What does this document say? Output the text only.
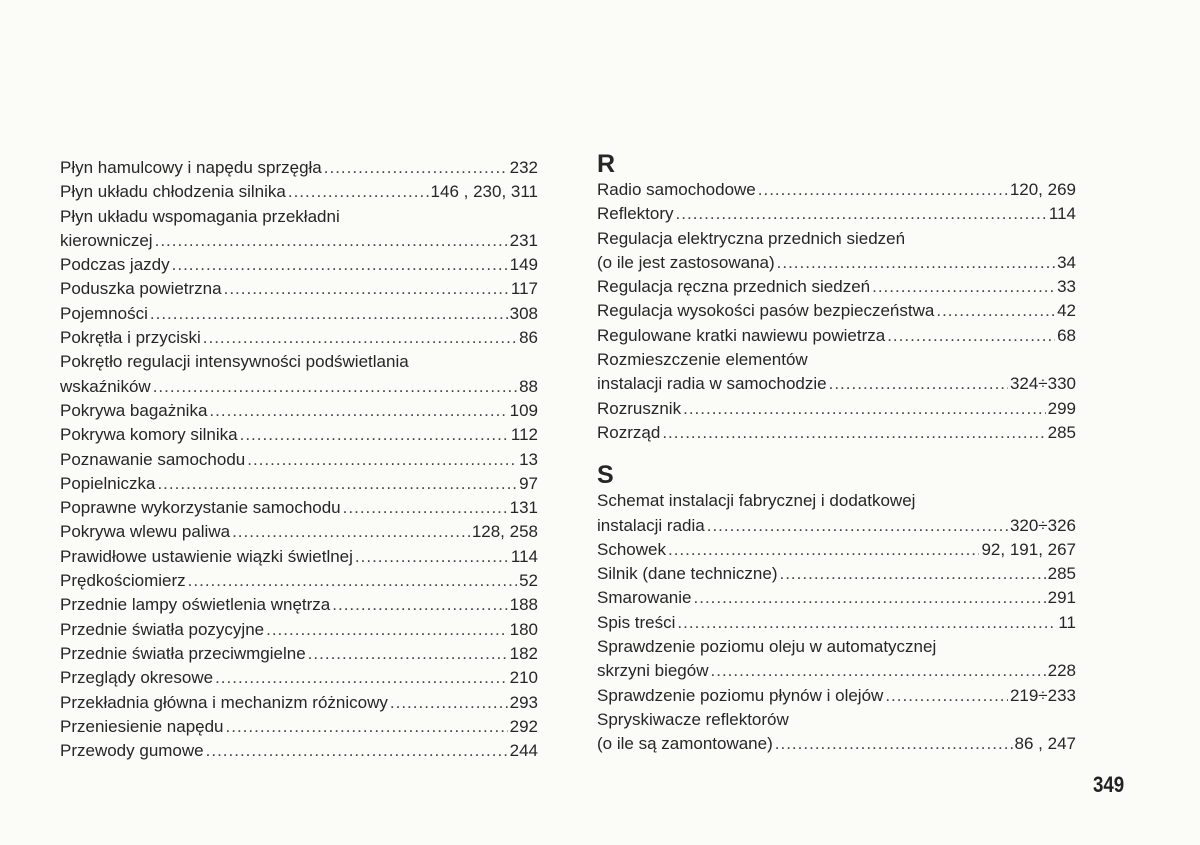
Płyn hamulcowy i napędu sprzęgła .....	232
Płyn układu chłodzenia silnika .....	146 , 230, 311
Płyn układu wspomagania przekładni
kierowniczej .....	231
Podczas jazdy .....	149
Poduszka powietrzna .....	117
Pojemności .....	308
Pokrętła i przyciski .....	86
Pokrętło regulacji intensywności podświetlania
wskaźników .....	88
Pokrywa bagażnika .....	109
Pokrywa komory silnika .....	112
Poznawanie samochodu .....	13
Popielniczka .....	97
Poprawne wykorzystanie samochodu .....	131
Pokrywa wlewu paliwa .....	128, 258
Prawidłowe ustawienie wiązki świetlnej .....	114
Prędkościomierz .....	52
Przednie lampy oświetlenia wnętrza .....	188
Przednie światła pozycyjne .....	180
Przednie światła przeciwmgielne .....	182
Przeglądy okresowe .....	210
Przekładnia główna i mechanizm różnicowy .....	293
Przeniesienie napędu .....	292
Przewody gumowe .....	244
R
Radio samochodowe .....	120, 269
Reflektory .....	114
Regulacja elektryczna przednich siedzeń
(o ile jest zastosowana) .....	34
Regulacja ręczna przednich siedzeń .....	33
Regulacja wysokości pasów bezpieczeństwa .....	42
Regulowane kratki nawiewu powietrza .....	68
Rozmieszczenie elementów
instalacji radia w samochodzie .....	324÷330
Rozrusznik .....	299
Rozrząd .....	285
S
Schemat instalacji fabrycznej i dodatkowej
instalacji radia .....	320÷326
Schowek .....	92, 191, 267
Silnik (dane techniczne) .....	285
Smarowanie .....	291
Spis treści .....	11
Sprawdzenie poziomu oleju w automatycznej
skrzyni biegów .....	228
Sprawdzenie poziomu płynów i olejów .....	219÷233
Spryskiwacze reflektorów
(o ile są zamontowane) .....	86 , 247
349
